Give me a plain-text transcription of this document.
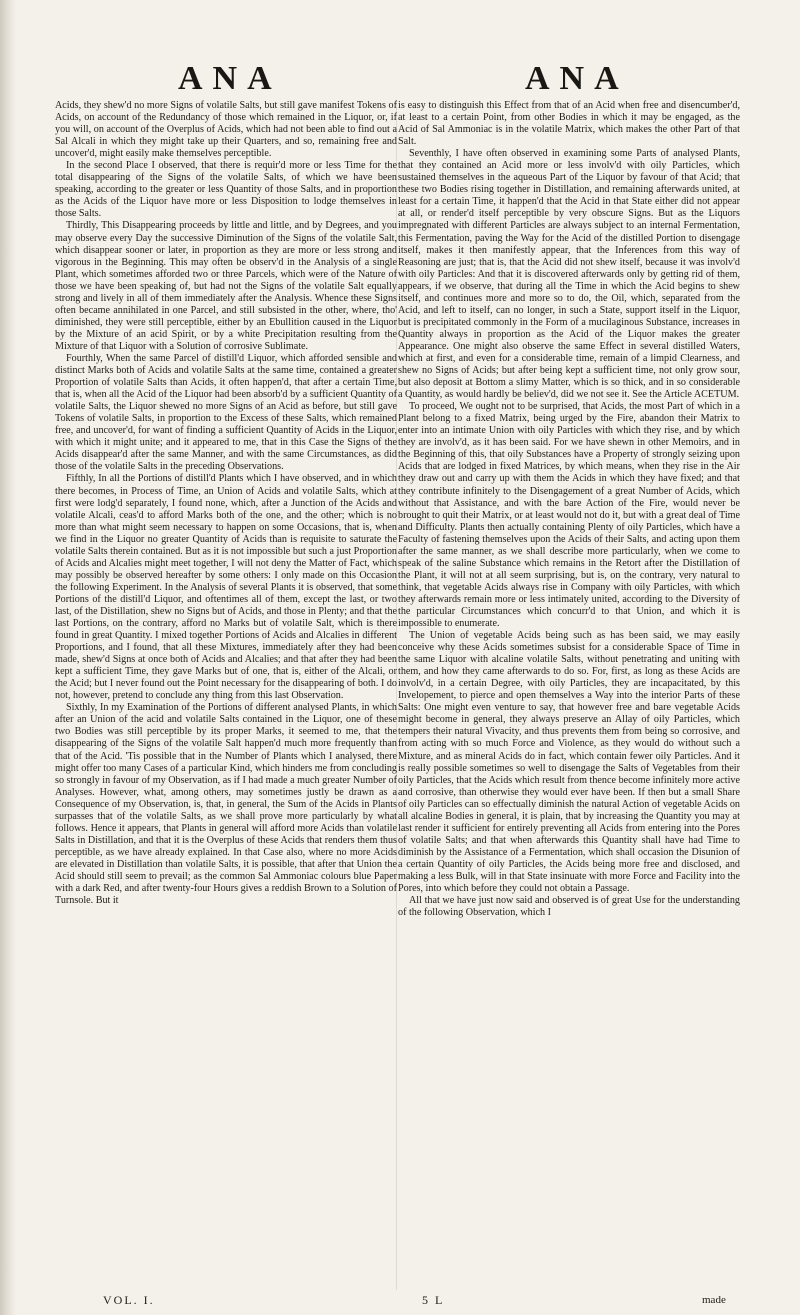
ANA	ANA

Acids, they shew'd no more Signs of volatile Salts, but still gave manifest Tokens of Acids, on account of the Redundancy of those which remained in the Liquor, or, if you will, on account of the Overplus of Acids, which had not been able to find out a Sal Alcali in which they might take up their Quarters, and so, remaining free and uncover'd, might easily make themselves perceptible.

In the second Place I observed, that there is requir'd more or less Time for the total disappearing of the Signs of the volatile Salts, of which we have been speaking, according to the greater or less Quantity of those Salts, and in proportion as the Acids of the Liquor have more or less Disposition to lodge themselves in those Salts.

Thirdly, This Disappearing proceeds by little and little, and by Degrees, and you may observe every Day the successive Diminution of the Signs of the volatile Salt, which disappear sooner or later, in proportion as they are more or less strong and vigorous in the Beginning. This may often be observ'd in the Analysis of a single Plant, which sometimes afforded two or three Parcels, which were of the Nature of those we have been speaking of, but had not the Signs of the volatile Salt equally strong and lively in all of them immediately after the Analysis. Whence these Signs often became annihilated in one Parcel, and still subsisted in the other, where, tho' diminished, they were still perceptible, either by an Ebullition caused in the Liquor by the Mixture of an acid Spirit, or by a white Precipitation resulting from the Mixture of that Liquor with a Solution of corrosive Sublimate.

Fourthly, When the same Parcel of distill'd Liquor, which afforded sensible and distinct Marks both of Acids and volatile Salts at the same time, contained a greater Proportion of volatile Salts than Acids, it often happen'd, that after a certain Time, that is, when all the Acid of the Liquor had been absorb'd by a sufficient Quantity of volatile Salts, the Liquor shewed no more Signs of an Acid as before, but still gave Tokens of volatile Salts, in proportion to the Excess of these Salts, which remained free, and uncover'd, for want of finding a sufficient Quantity of Acids in the Liquor, with which it might unite; and it appeared to me, that in this Case the Signs of the Acids disappear'd after the same Manner, and with the same Circumstances, as did those of the volatile Salts in the preceding Observations.

Fifthly, In all the Portions of distill'd Plants which I have observed, and in which there becomes, in Process of Time, an Union of Acids and volatile Salts, which at first were lodg'd separately, I found none, which, after a Junction of the Acids and volatile Alcali, ceas'd to afford Marks both of the one, and the other; which is no more than what might seem necessary to happen on some Occasions, that is, when we find in the Liquor no greater Quantity of Acids than is requisite to saturate the volatile Salts therein contained. But as it is not impossible but such a just Proportion of Acids and Alcalies might meet together, I will not deny the Matter of Fact, which may possibly be observed hereafter by some others: I only made on this Occasion the following Experiment. In the Analysis of several Plants it is observed, that some Portions of the distill'd Liquor, and oftentimes all of them, except the last, or two last, of the Distillation, shew no Signs but of Acids, and those in Plenty; and that the last Portions, on the contrary, afford no Marks but of volatile Salt, which is there found in great Quantity. I mixed together Portions of Acids and Alcalies in different Proportions, and I found, that all these Mixtures, immediately after they had been made, shew'd Signs at once both of Acids and Alcalies; and that after they had been kept a sufficient Time, they gave Marks but of one, that is, either of the Alcali, or the Acid; but I never found out the Point necessary for the disappearing of both. I do not, however, pretend to conclude any thing from this last Observation.

Sixthly, In my Examination of the Portions of different analysed Plants, in which after an Union of the acid and volatile Salts contained in the Liquor, one of these two Bodies was still perceptible by its proper Marks, it seemed to me, that the disappearing of the Signs of the volatile Salt happen'd much more frequently than that of the Acid. 'Tis possible that in the Number of Plants which I analysed, there might offer too many Cases of a particular Kind, which hinders me from concluding so strongly in favour of my Observation, as if I had made a much greater Number of Analyses. However, what, among others, may sometimes justly be drawn as a Consequence of my Observation, is, that, in general, the Sum of the Acids in Plants surpasses that of the volatile Salts, as we shall prove more particularly by what follows. Hence it appears, that Plants in general will afford more Acids than volatile Salts in Distillation, and that it is the Overplus of these Acids that renders them thus perceptible, as we have already explained. In that Case also, where no more Acids are elevated in Distillation than volatile Salts, it is possible, that after that Union the Acid should still seem to prevail; as the common Sal Ammoniac colours blue Paper with a dark Red, and after twenty-four Hours gives a reddish Brown to a Solution of Turnsole. But it

is easy to distinguish this Effect from that of an Acid when free and disencumber'd, at least to a certain Point, from other Bodies in which it may be engaged, as the Acid of Sal Ammoniac is in the volatile Matrix, which makes the other Part of that Salt.

Seventhly, I have often observed in examining some Parts of analysed Plants, that they contained an Acid more or less involv'd with oily Particles, which sustained themselves in the aqueous Part of the Liquor by favour of that Acid; that these two Bodies rising together in Distillation, and remaining afterwards united, at least for a certain Time, it happen'd that the Acid in that State either did not appear at all, or render'd itself perceptible by very obscure Signs. But as the Liquors impregnated with different Particles are always subject to an internal Fermentation, this Fermentation, paving the Way for the Acid of the distilled Portion to disengage itself, makes it then manifestly appear, that the Inferences from this way of Reasoning are just; that is, that the Acid did not shew itself, because it was involv'd with oily Particles: And that it is discovered afterwards only by getting rid of them, appears, if we observe, that during all the Time in which the Acid begins to shew itself, and continues more and more so to do, the Oil, which, separated from the Acid, and left to itself, can no longer, in such a State, support itself in the Liquor, but is precipitated commonly in the Form of a mucilaginous Substance, increases in Quantity always in proportion as the Acid of the Liquor makes the greater Appearance. One might also observe the same Effect in several distilled Waters, which at first, and even for a considerable time, remain of a limpid Clearness, and shew no Signs of Acids; but after being kept a sufficient time, not only grow sour, but also deposit at Bottom a slimy Matter, which is so thick, and in so considerable a Quantity, as would hardly be believ'd, did we not see it. See the Article ACETUM.

To proceed, We ought not to be surprised, that Acids, the most Part of which in a Plant belong to a fixed Matrix, being urged by the Fire, abandon their Matrix to enter into an intimate Union with oily Particles with which they rise, and by which they are involv'd, as it has been said. For we have shewn in other Memoirs, and in the Beginning of this, that oily Substances have a Property of strongly seizing upon Acids that are lodged in fixed Matrices, by which means, when they rise in the Air they draw out and carry up with them the Acids in which they have fixed; and that they contribute infinitely to the Disengagement of a great Number of Acids, which without that Assistance, and with the bare Action of the Fire, would never be brought to quit their Matrix, or at least would not do it, but with a great deal of Time and Difficulty. Plants then actually containing Plenty of oily Particles, which have a Faculty of fastening themselves upon the Acids of their Salts, and acting upon them after the same manner, as we shall describe more particularly, when we come to speak of the saline Substance which remains in the Retort after the Distillation of the Plant, it will not at all seem surprising, but is, on the contrary, very natural to think, that vegetable Acids always rise in Company with oily Particles, with which they afterwards remain more or less intimately united, according to the Diversity of the particular Circumstances which concurr'd to that Union, and which it is impossible to enumerate.

The Union of vegetable Acids being such as has been said, we may easily conceive why these Acids sometimes subsist for a considerable Space of Time in the same Liquor with alcaline volatile Salts, without penetrating and uniting with them, and how they came afterwards to do so. For, first, as long as these Acids are involv'd, in a certain Degree, with oily Particles, they are incapacitated, by this Invelopement, to pierce and open themselves a Way into the interior Parts of these Salts: One might even venture to say, that however free and bare vegetable Acids might become in general, they always preserve an Allay of oily Particles, which tempers their natural Vivacity, and thus prevents them from being so corrosive, and from acting with so much Force and Violence, as they would do without such a Mixture, and as mineral Acids do in fact, which contain fewer oily Particles. And it is really possible sometimes so well to disengage the Salts of Vegetables from their oily Particles, that the Acids which result from thence become infinitely more active and corrosive, than otherwise they would ever have been. If then but a small Share of oily Particles can so effectually diminish the natural Action of vegetable Acids on all alcaline Bodies in general, it is plain, that by increasing the Quantity you may at last render it sufficient for entirely preventing all Acids from entering into the Pores of volatile Salts; and that when afterwards this Quantity shall have had Time to diminish by the Assistance of a Fermentation, which shall occasion the Disunion of a certain Quantity of oily Particles, the Acids being more free and disclosed, and making a less Bulk, will in that State insinuate with more Force and Facility into the Pores, into which before they could not obtain a Passage.

All that we have just now said and observed is of great Use for the understanding of the following Observation, which I

VOL. I.	5 L	made
